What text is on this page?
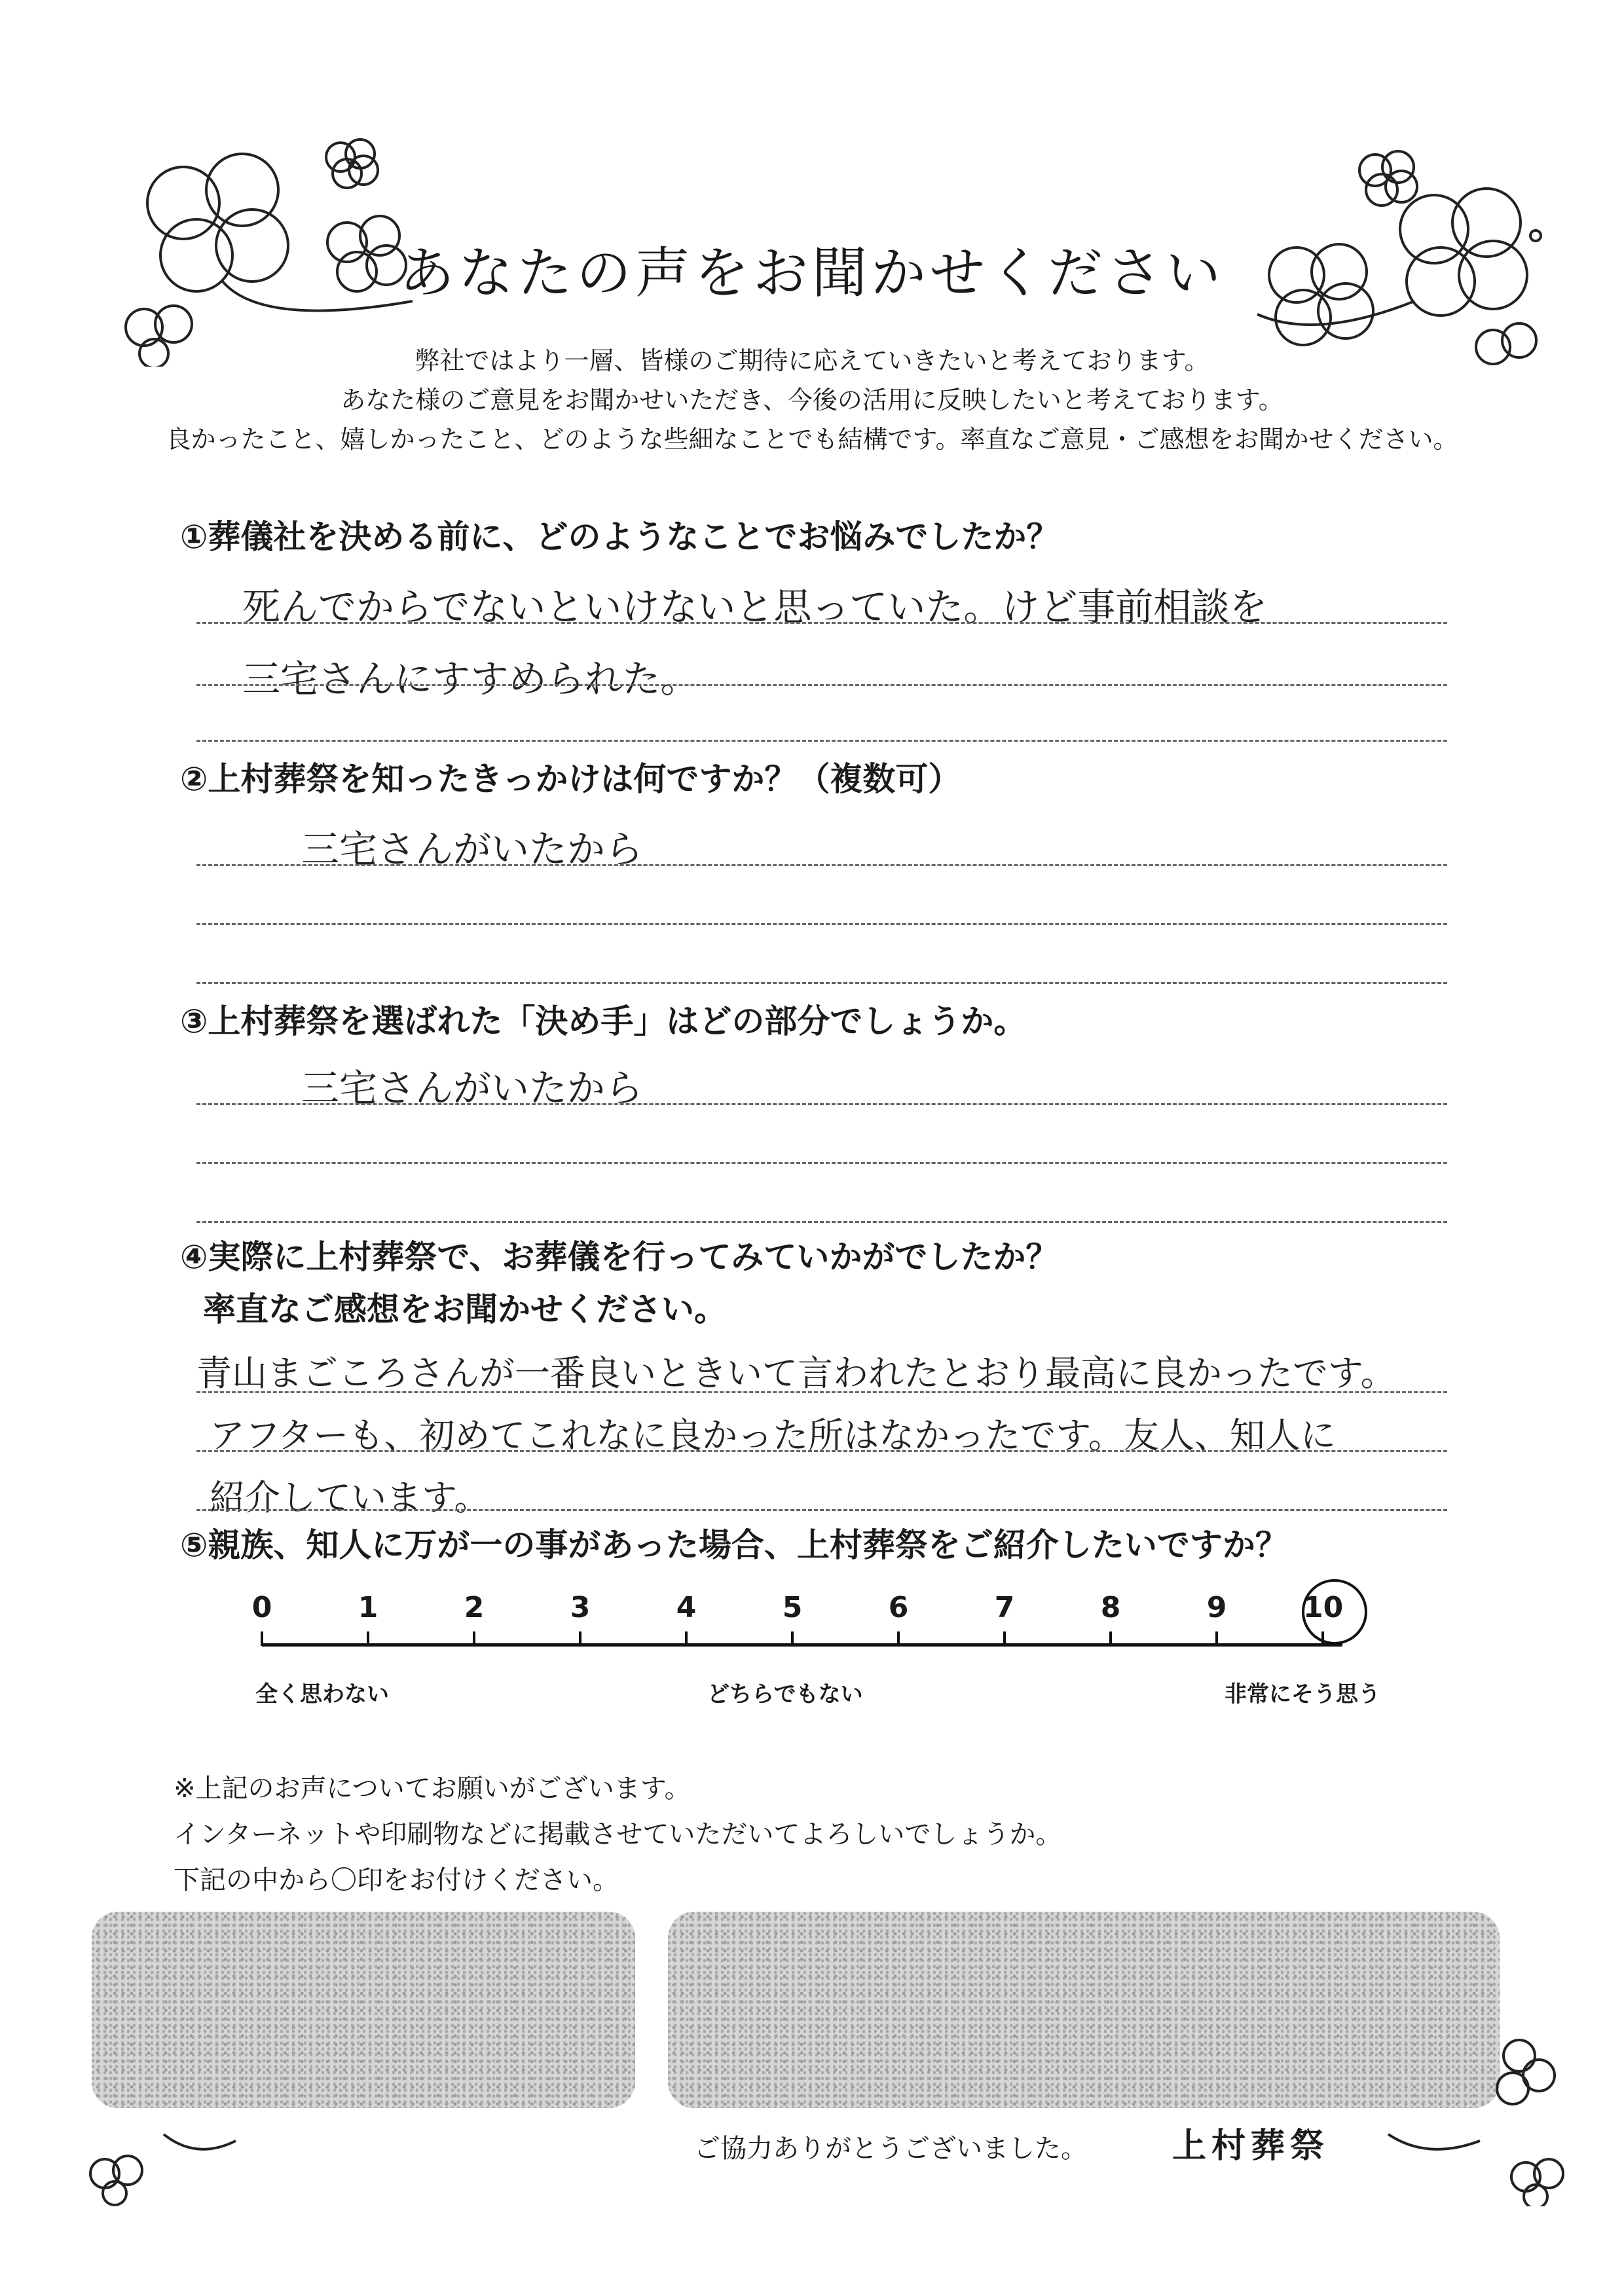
あなたの声をお聞かせください
弊社ではより一層、皆様のご期待に応えていきたいと考えております。
あなた様のご意見をお聞かせいただき、今後の活用に反映したいと考えております。
良かったこと、嬉しかったこと、どのような些細なことでも結構です。率直なご意見・ご感想をお聞かせください。
①葬儀社を決める前に、どのようなことでお悩みでしたか？
死んでからでないといけないと思っていた。けど事前相談を
三宅さんにすすめられた。
②上村葬祭を知ったきっかけは何ですか？（複数可）
三宅さんがいたから
③上村葬祭を選ばれた「決め手」はどの部分でしょうか。
三宅さんがいたから
④実際に上村葬祭で、お葬儀を行ってみていかがでしたか？
率直なご感想をお聞かせください。
青山まごころさんが一番良いときいて言われたとおり最高に良かったです。
アフターも、初めてこれなに良かった所はなかったです。友人、知人に
紹介しています。
⑤親族、知人に万が一の事があった場合、上村葬祭をご紹介したいですか？
0	1	2	3	4	5	6	7	8	9	10
全く思わない	どちらでもない	非常にそう思う
※上記のお声についてお願いがございます。
インターネットや印刷物などに掲載させていただいてよろしいでしょうか。
下記の中から〇印をお付けください。
ご協力ありがとうございました。	上村葬祭
